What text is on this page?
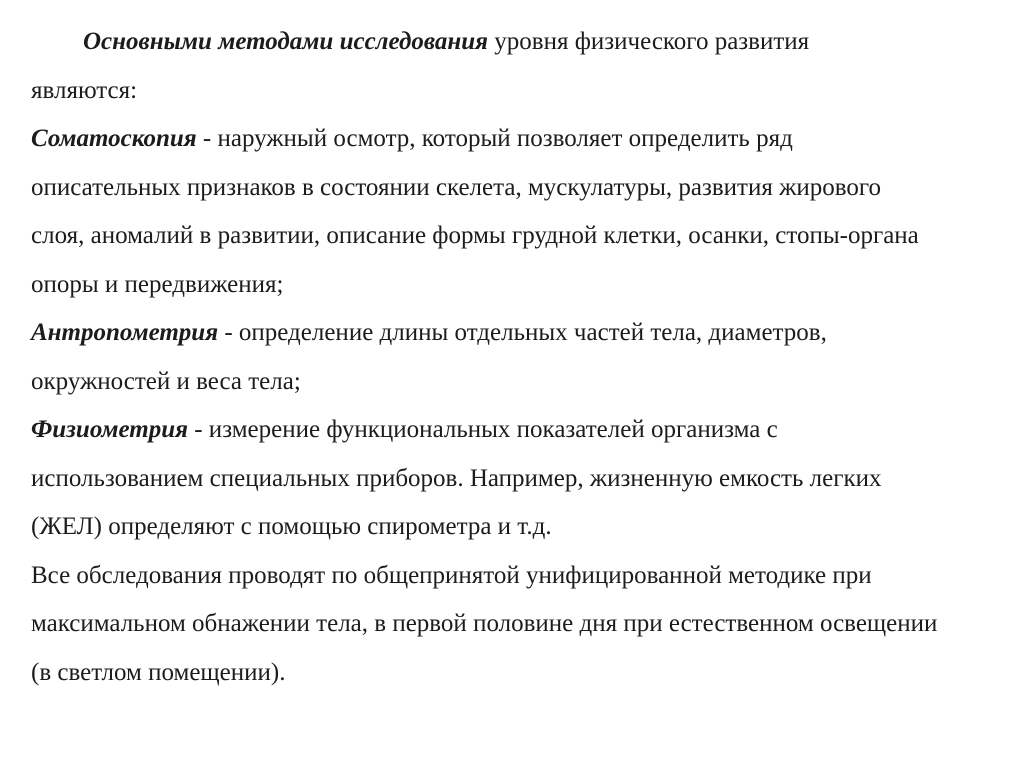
Основными методами исследования уровня физического развития
являются:
Соматоскопия - наружный осмотр, который позволяет определить ряд
описательных признаков в состоянии скелета, мускулатуры, развития жирового
слоя, аномалий в развитии, описание формы грудной клетки, осанки, стопы-органа
опоры и передвижения;
Антропометрия - определение длины отдельных частей тела, диаметров,
окружностей и веса тела;
Физиометрия - измерение функциональных показателей организма с
использованием специальных приборов. Например, жизненную емкость легких
(ЖЕЛ) определяют с помощью спирометра и т.д.
Все обследования проводят по общепринятой унифицированной методике при
максимальном обнажении тела, в первой половине дня при естественном освещении
(в светлом помещении).
